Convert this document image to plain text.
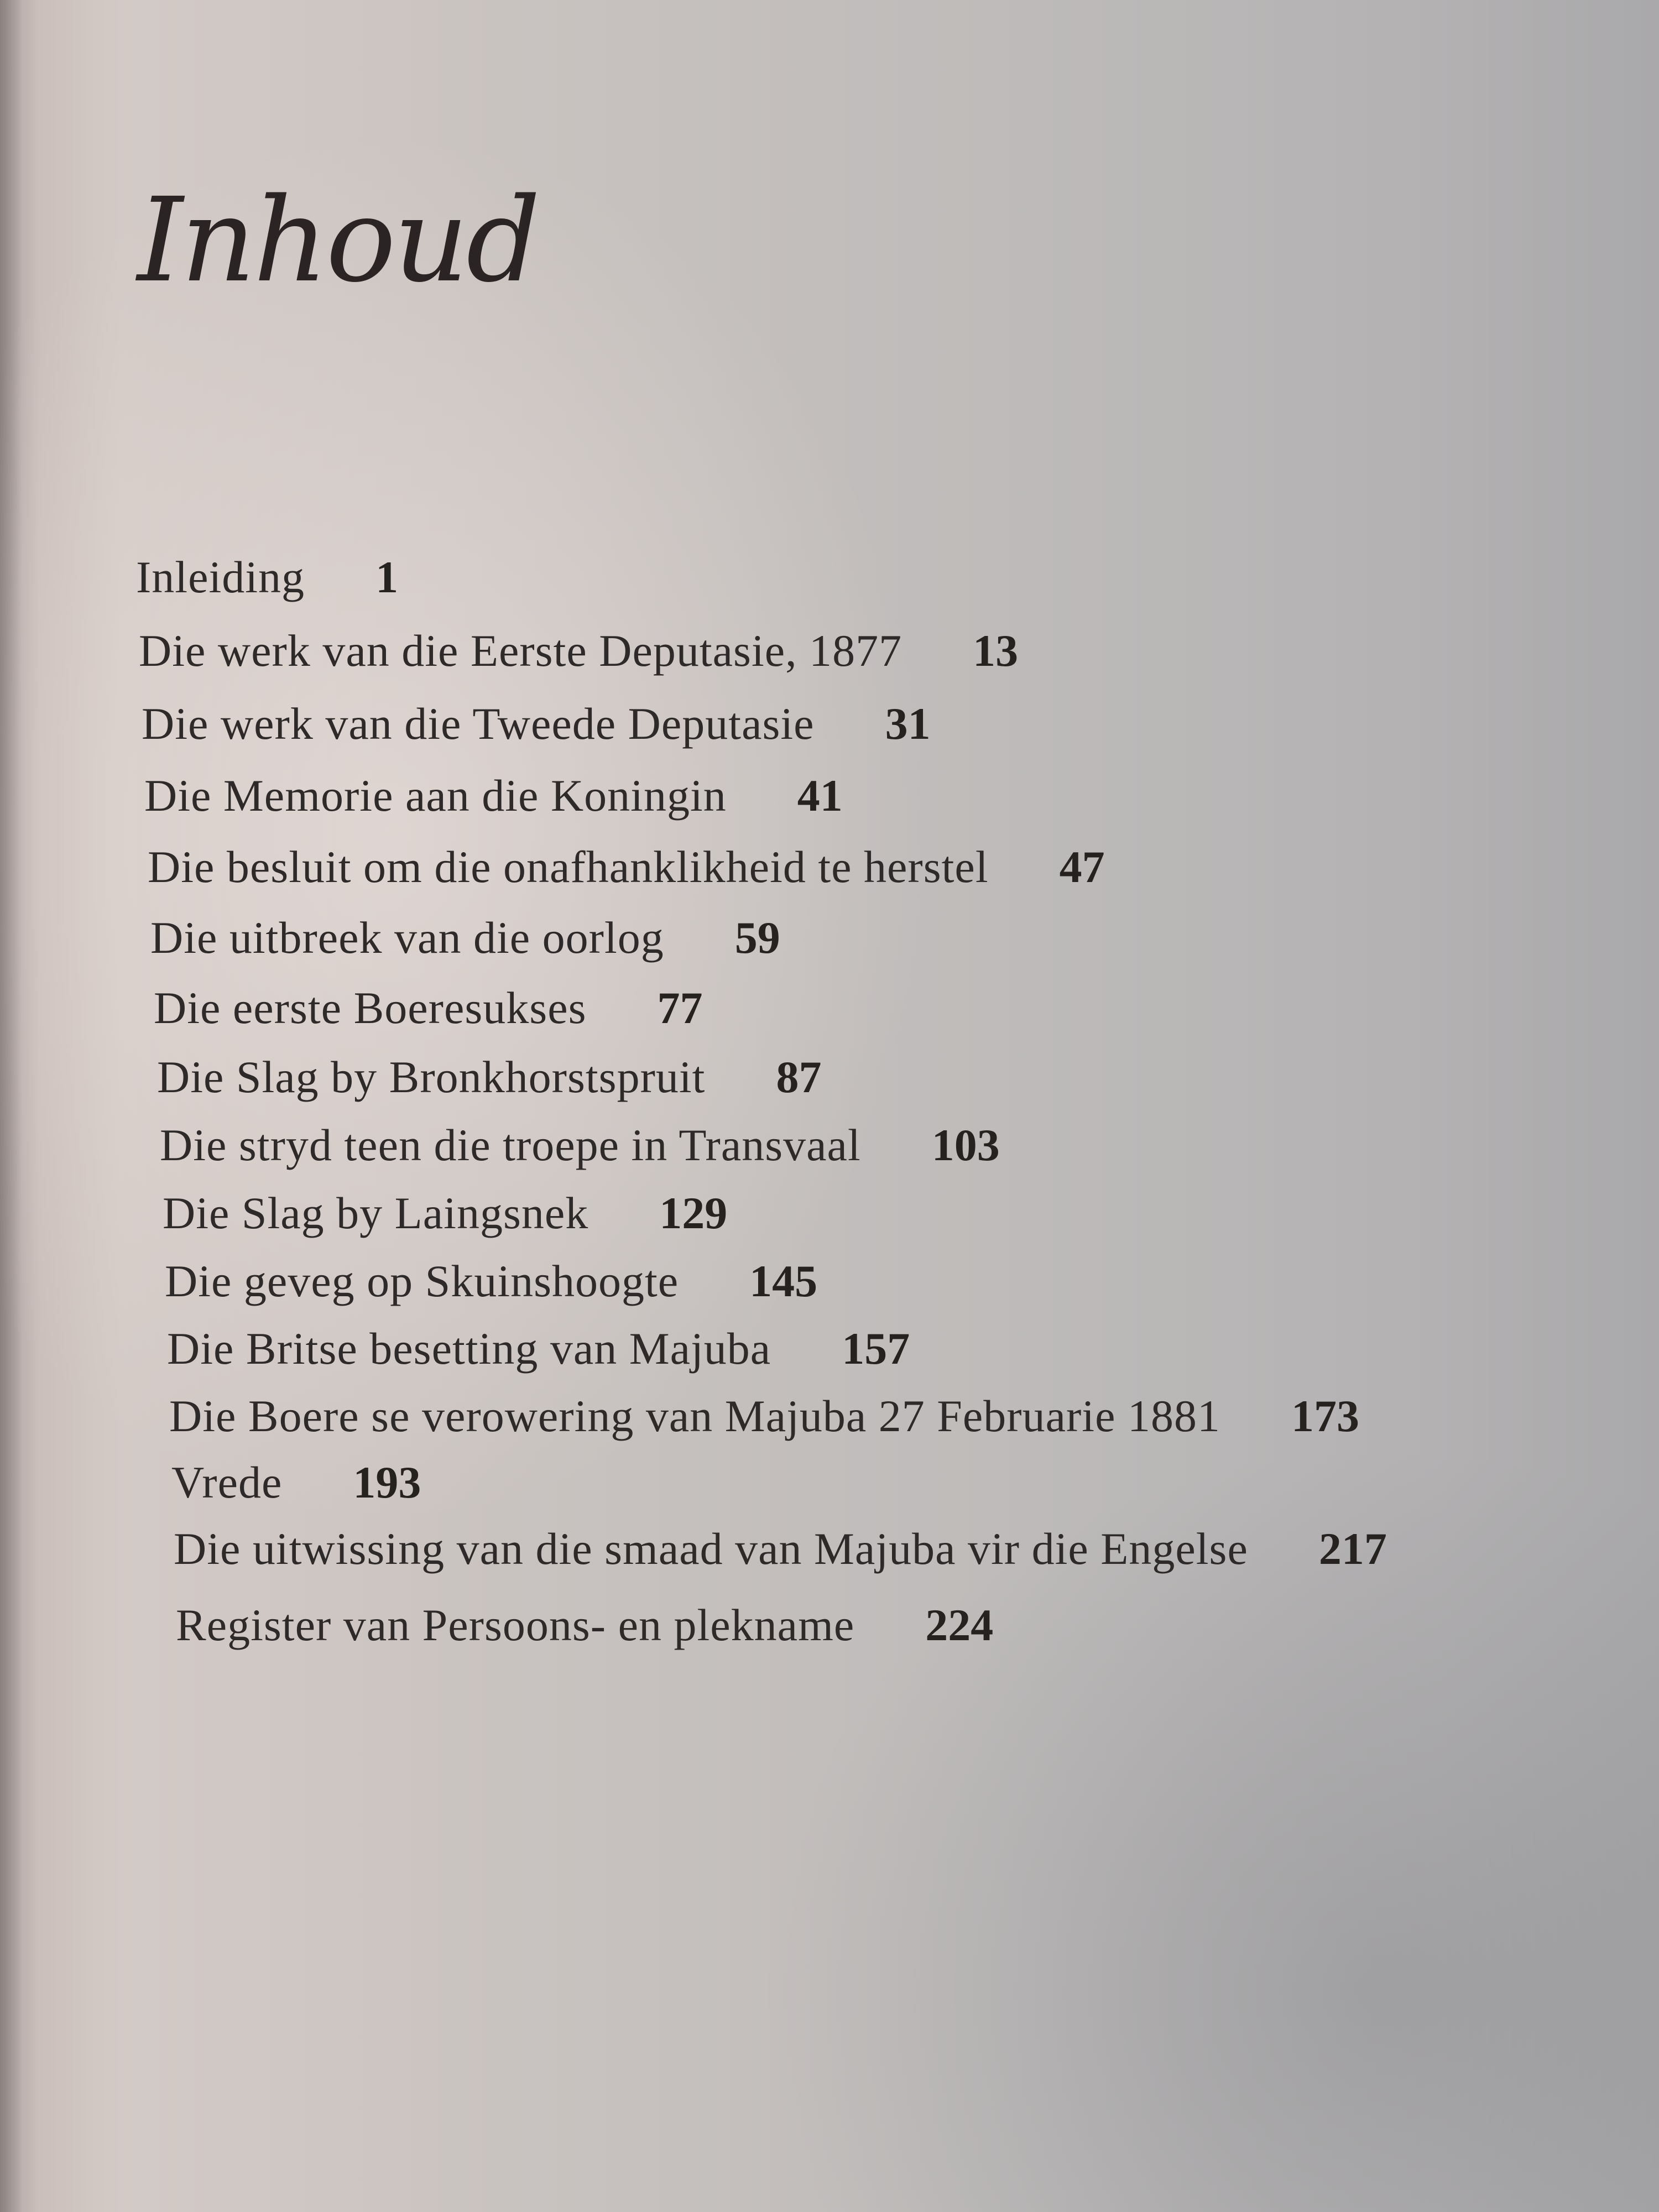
Inhoud
Inleiding 1
Die werk van die Eerste Deputasie, 1877 13
Die werk van die Tweede Deputasie 31
Die Memorie aan die Koningin 41
Die besluit om die onafhanklikheid te herstel 47
Die uitbreek van die oorlog 59
Die eerste Boeresukses 77
Die Slag by Bronkhorstspruit 87
Die stryd teen die troepe in Transvaal 103
Die Slag by Laingsnek 129
Die geveg op Skuinshoogte 145
Die Britse besetting van Majuba 157
Die Boere se verowering van Majuba 27 Februarie 1881 173
Vrede 193
Die uitwissing van die smaad van Majuba vir die Engelse 217
Register van Persoons- en plekname 224
